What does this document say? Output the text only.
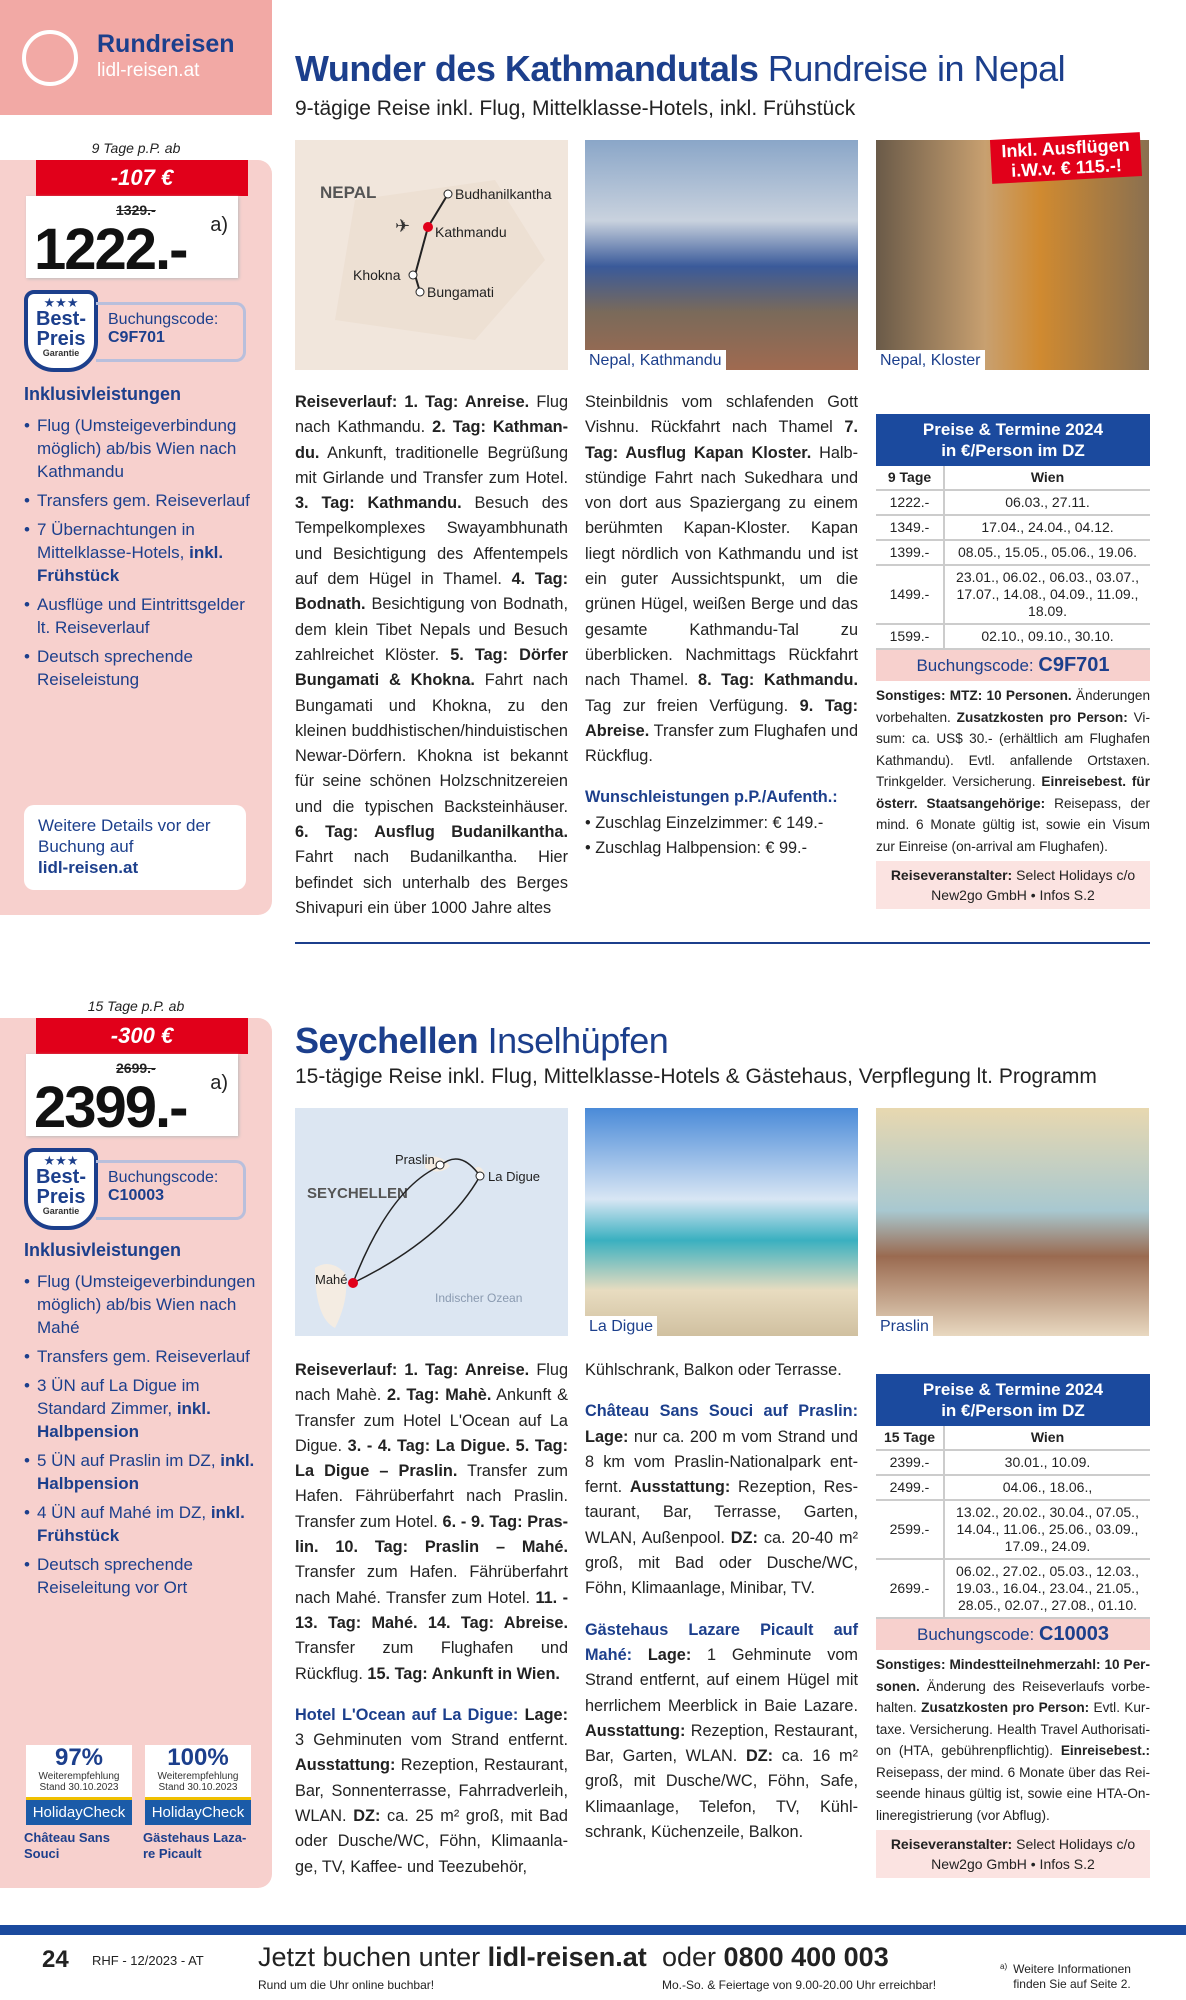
Rundreisen
lidl-reisen.at
9 Tage p.P. ab
-107 €
1329.-
1222.- a)
★★★
Best-
Preis
Garantie
Buchungscode:
C9F701
Inklusivleistungen
• Flug (Umsteigeverbindung möglich) ab/bis Wien nach Kathmandu
• Transfers gem. Reiseverlauf
• 7 Übernachtungen in Mittelklasse-Hotels, inkl. Frühstück
• Ausflüge und Eintrittsgelder lt. Reiseverlauf
• Deutsch sprechende Reiseleistung
Weitere Details vor der Buchung auf
lidl-reisen.at
Wunder des Kathmandutals Rundreise in Nepal
9-tägige Reise inkl. Flug, Mittelklasse-Hotels, inkl. Frühstück
NEPAL	Budhanilkantha
Kathmandu
Khokna
Bungamati
✈
Nepal, Kathmandu	Nepal, Kloster
Inkl. Ausflügen i.W.v. € 115.-!

Reiseverlauf: 1. Tag: Anreise. Flug nach Kathmandu. 2. Tag: Kathmandu. Ankunft, traditionelle Begrüßung mit Girlande und Transfer zum Hotel. 3. Tag: Kathmandu. Besuch des Tempelkomplexes Swayambhunath und Besichtigung des Affentempels auf dem Hügel in Thamel. 4. Tag: Bodnath. Besichtigung von Bodnath, dem klein Tibet Nepals und Besuch zahlreichet Klöster. 5. Tag: Dörfer Bungamati & Khokna. Fahrt nach Bungamati und Khokna, zu den kleinen buddhistischen/hinduistischen Newar-Dörfern. Khokna ist bekannt für seine schönen Holzschnitzereien und die typischen Backsteinhäuser. 6. Tag: Ausflug Budanilkantha. Fahrt nach Budanilkantha. Hier befindet sich unterhalb des Berges Shivapuri ein über 1000 Jahre altes

Steinbildnis vom schlafenden Gott Vishnu. Rückfahrt nach Thamel 7. Tag: Ausflug Kapan Kloster. Halbstündige Fahrt nach Sukedhara und von dort aus Spaziergang zu einem berühmten Kapan-Kloster. Kapan liegt nördlich von Kathmandu und ist ein guter Aussichtspunkt, um die grünen Hügel, weißen Berge und das gesamte Kathmandu-Tal zu überblicken. Nachmittags Rückfahrt nach Thamel. 8. Tag: Kathmandu. Tag zur freien Verfügung. 9. Tag: Abreise. Transfer zum Flughafen und Rückflug.

Wunschleistungen p.P./Aufenth.:
• Zuschlag Einzelzimmer: € 149.-
• Zuschlag Halbpension: € 99.-

Preise & Termine 2024
in €/Person im DZ
9 Tage	Wien
1222.-	06.03., 27.11.
1349.-	17.04., 24.04., 04.12.
1399.-	08.05., 15.05., 05.06., 19.06.
1499.-	23.01., 06.02., 06.03., 03.07., 17.07., 14.08., 04.09., 11.09., 18.09.
1599.-	02.10., 09.10., 30.10.
Buchungscode: C9F701
Sonstiges: MTZ: 10 Personen. Änderungen vorbehalten. Zusatzkosten pro Person: Visum: ca. US$ 30.- (erhältlich am Flughafen Kathmandu). Evtl. anfallende Ortstaxen. Trinkgelder. Versicherung. Einreisebest. für österr. Staatsangehörige: Reisepass, der mind. 6 Monate gültig ist, sowie ein Visum zur Einreise (on-arrival am Flughafen).
Reiseveranstalter: Select Holidays c/o New2go GmbH • Infos S.2
15 Tage p.P. ab
-300 €
2699.-
2399.- a)
★★★
Best-
Preis
Garantie
Buchungscode:
C10003
Inklusivleistungen
• Flug (Umsteigeverbindungen möglich) ab/bis Wien nach Mahé
• Transfers gem. Reiseverlauf
• 3 ÜN auf La Digue im Standard Zimmer, inkl. Halbpension
• 5 ÜN auf Praslin im DZ, inkl. Halbpension
• 4 ÜN auf Mahé im DZ, inkl. Frühstück
• Deutsch sprechende Reiseleitung vor Ort
97%
Weiterempfehlung
Stand 30.10.2023
HolidayCheck
Château Sans Souci
100%
Weiterempfehlung
Stand 30.10.2023
HolidayCheck
Gästehaus Lazare Picault
Seychellen Inselhüpfen
15-tägige Reise inkl. Flug, Mittelklasse-Hotels & Gästehaus, Verpflegung lt. Programm
SEYCHELLEN
Praslin
La Digue
Mahé
Indischer Ozean
La Digue	Praslin

Reiseverlauf: 1. Tag: Anreise. Flug nach Mahè. 2. Tag: Mahè. Ankunft & Transfer zum Hotel L'Ocean auf La Digue. 3. - 4. Tag: La Digue. 5. Tag: La Digue – Praslin. Transfer zum Hafen. Fährüberfahrt nach Praslin. Transfer zum Hotel. 6. - 9. Tag: Praslin. 10. Tag: Praslin – Mahé. Transfer zum Hafen. Fährüberfahrt nach Mahé. Transfer zum Hotel. 11. - 13. Tag: Mahé. 14. Tag: Abreise. Transfer zum Flughafen und Rückflug. 15. Tag: Ankunft in Wien.

Hotel L'Ocean auf La Digue: Lage: 3 Gehminuten vom Strand entfernt. Ausstattung: Rezeption, Restaurant, Bar, Sonnenterrasse, Fahrradverleih, WLAN. DZ: ca. 25 m² groß, mit Bad oder Dusche/WC, Föhn, Klimaanlage, TV, Kaffee- und Teezubehör,

Kühlschrank, Balkon oder Terrasse.

Château Sans Souci auf Praslin: Lage: nur ca. 200 m vom Strand und 8 km vom Praslin-Nationalpark entfernt. Ausstattung: Rezeption, Restaurant, Bar, Terrasse, Garten, WLAN, Außenpool. DZ: ca. 20-40 m² groß, mit Bad oder Dusche/WC, Föhn, Klimaanlage, Minibar, TV.

Gästehaus Lazare Picault auf Mahé: Lage: 1 Gehminute vom Strand entfernt, auf einem Hügel mit herrlichem Meerblick in Baie Lazare. Ausstattung: Rezeption, Restaurant, Bar, Garten, WLAN. DZ: ca. 16 m² groß, mit Dusche/WC, Föhn, Safe, Klimaanlage, Telefon, TV, Kühlschrank, Küchenzeile, Balkon.

Preise & Termine 2024
in €/Person im DZ
15 Tage	Wien
2399.-	30.01., 10.09.
2499.-	04.06., 18.06.,
2599.-	13.02., 20.02., 30.04., 07.05., 14.04., 11.06., 25.06., 03.09., 17.09., 24.09.
2699.-	06.02., 27.02., 05.03., 12.03., 19.03., 16.04., 23.04., 21.05., 28.05., 02.07., 27.08., 01.10.
Buchungscode: C10003
Sonstiges: Mindestteilnehmerzahl: 10 Personen. Änderung des Reiseverlaufs vorbehalten. Zusatzkosten pro Person: Evtl. Kurtaxe. Versicherung. Health Travel Authorisation (HTA, gebührenpflichtig). Einreisebest.: Reisepass, der mind. 6 Monate über das Reiseende hinaus gültig ist, sowie eine HTA-Onlineregistrierung (vor Abflug).
Reiseveranstalter: Select Holidays c/o New2go GmbH • Infos S.2
24 RHF - 12/2023 - AT Jetzt buchen unter lidl-reisen.at
Rund um die Uhr online buchbar!
oder 0800 400 003
Mo.-So. & Feiertage von 9.00-20.00 Uhr erreichbar!
a) Weitere Informationen finden Sie auf Seite 2.
